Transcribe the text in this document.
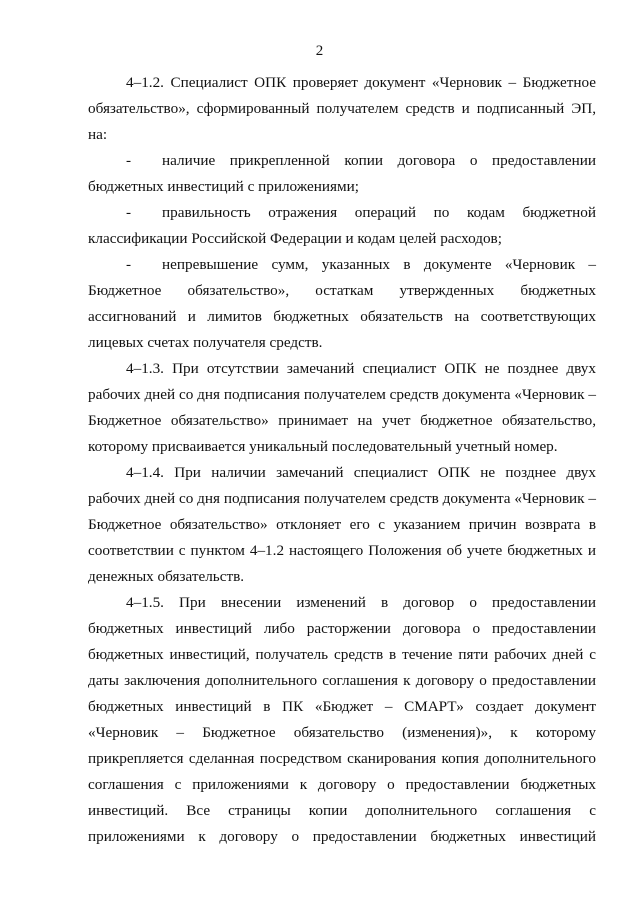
2

4–1.2. Специалист ОПК проверяет документ «Черновик – Бюджетное обязательство», сформированный получателем средств и подписанный ЭП, на:

- наличие прикрепленной копии договора о предоставлении бюджетных инвестиций с приложениями;

- правильность отражения операций по кодам бюджетной классификации Российской Федерации и кодам целей расходов;

- непревышение сумм, указанных в документе «Черновик – Бюджетное обязательство», остаткам утвержденных бюджетных ассигнований и лимитов бюджетных обязательств на соответствующих лицевых счетах получателя средств.

4–1.3. При отсутствии замечаний специалист ОПК не позднее двух рабочих дней со дня подписания получателем средств документа «Черновик – Бюджетное обязательство» принимает на учет бюджетное обязательство, которому присваивается уникальный последовательный учетный номер.

4–1.4. При наличии замечаний специалист ОПК не позднее двух рабочих дней со дня подписания получателем средств документа «Черновик – Бюджетное обязательство» отклоняет его с указанием причин возврата в соответствии с пунктом 4–1.2 настоящего Положения об учете бюджетных и денежных обязательств.

4–1.5. При внесении изменений в договор о предоставлении бюджетных инвестиций либо расторжении договора о предоставлении бюджетных инвестиций, получатель средств в течение пяти рабочих дней с даты заключения дополнительного соглашения к договору о предоставлении бюджетных инвестиций в ПК «Бюджет – СМАРТ» создает документ «Черновик – Бюджетное обязательство (изменения)», к которому прикрепляется сделанная посредством сканирования копия дополнительного соглашения с приложениями к договору о предоставлении бюджетных инвестиций. Все страницы копии дополнительного соглашения с приложениями к договору о предоставлении бюджетных инвестиций
